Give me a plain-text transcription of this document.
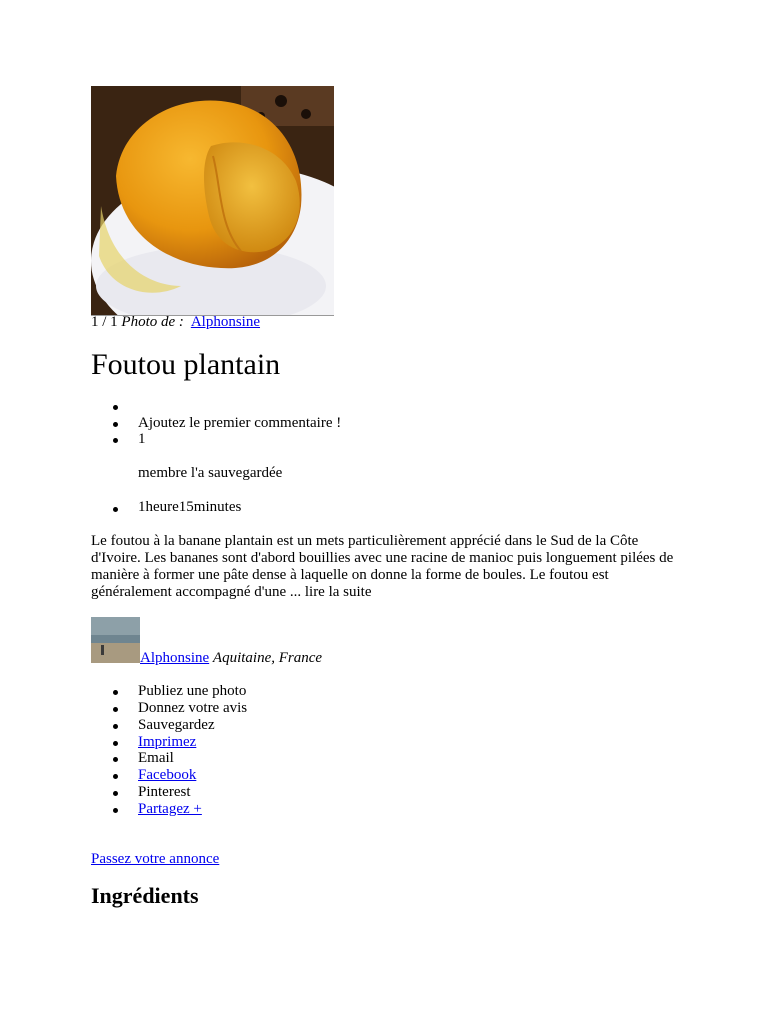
1 / 1 Photo de : Alphonsine
Foutou plantain
Ajoutez le premier commentaire !
1
membre l'a sauvegardée
1heure15minutes

Le foutou à la banane plantain est un mets particulièrement apprécié dans le Sud de la Côte d'Ivoire. Les bananes sont d'abord bouillies avec une racine de manioc puis longuement pilées de manière à former une pâte dense à laquelle on donne la forme de boules. Le foutou est généralement accompagné d'une ... lire la suite

Alphonsine Aquitaine, France
Publiez une photo
Donnez votre avis
Sauvegardez
Imprimez
Email
Facebook
Pinterest
Partagez +
Passez votre annonce
Ingrédients
